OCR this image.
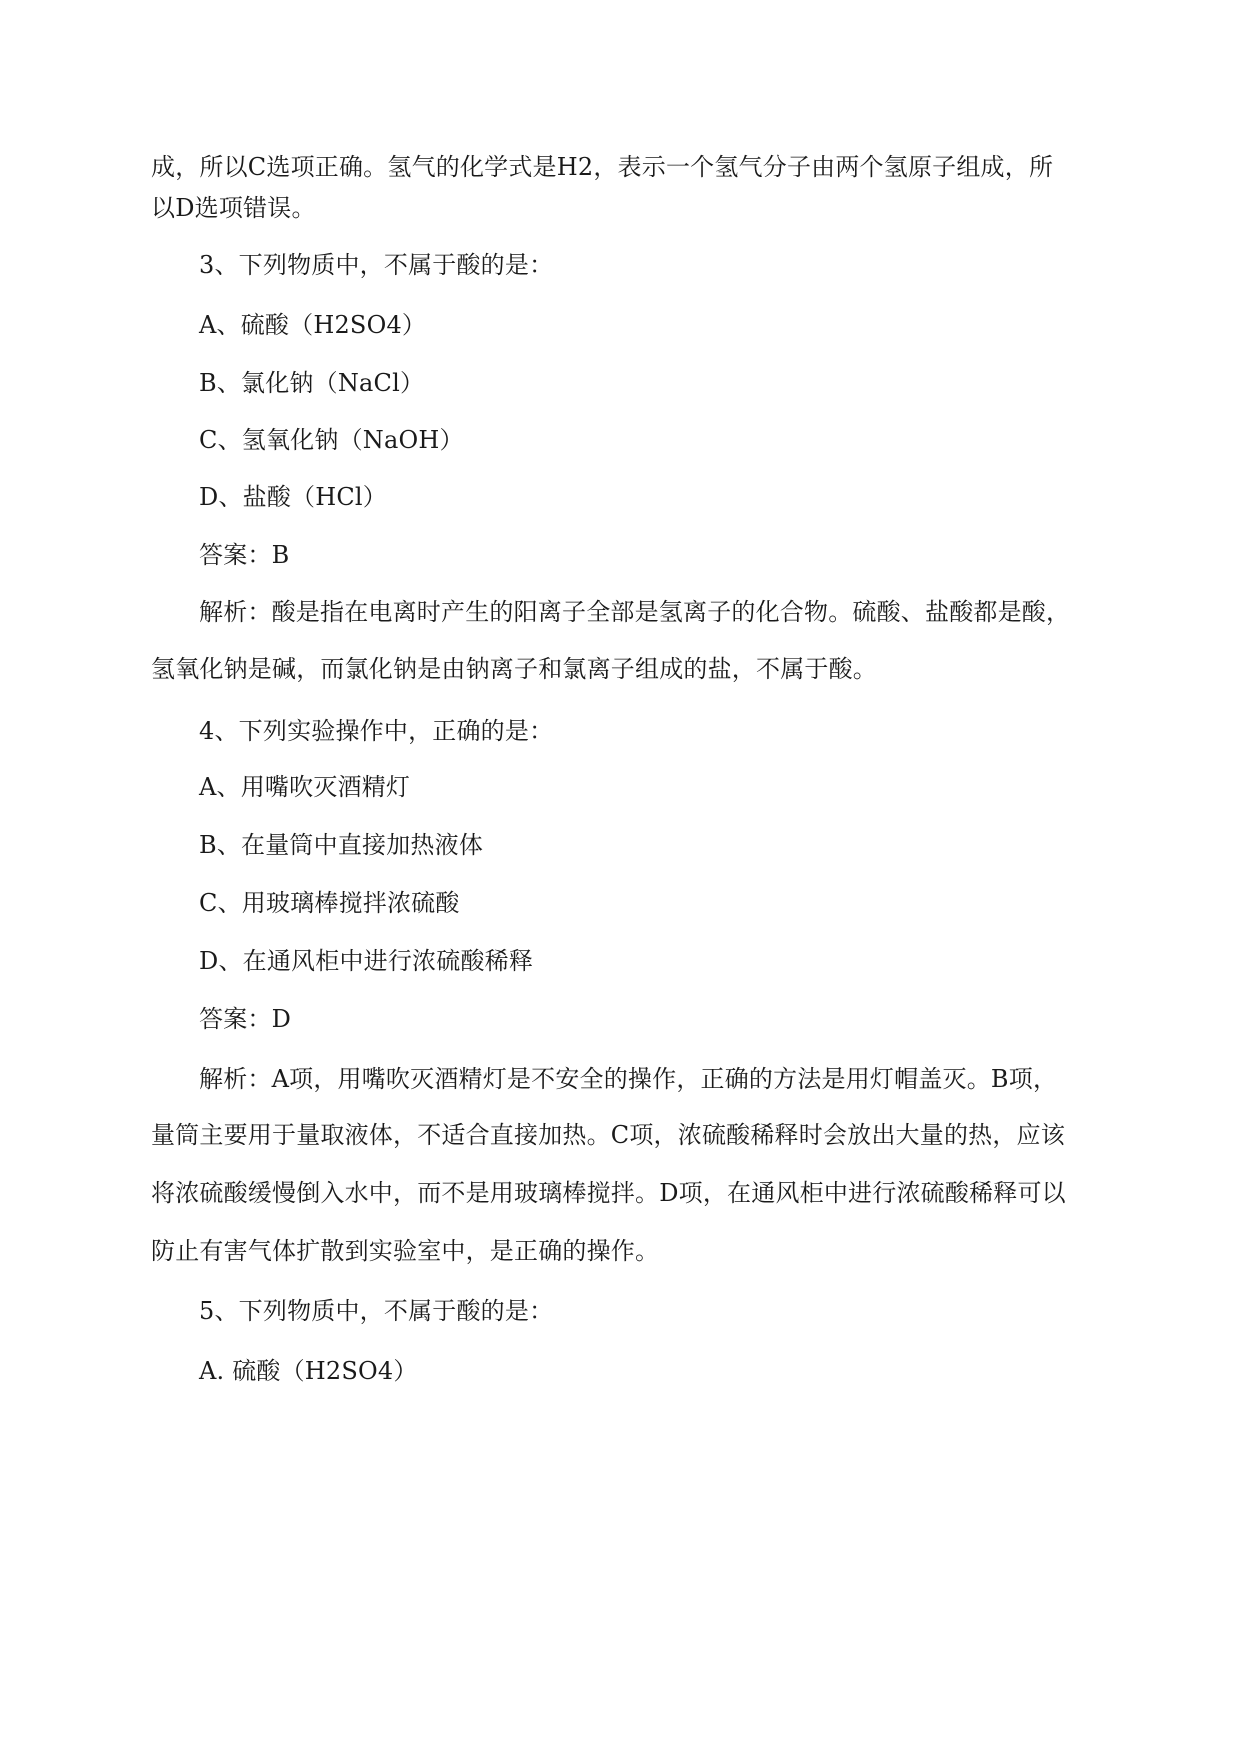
成，所以C选项正确。氢气的化学式是H2，表示一个氢气分子由两个氢原子组成，所
以D选项错误。
3、下列物质中，不属于酸的是：
A、硫酸（H2SO4）
B、氯化钠（NaCl）
C、氢氧化钠（NaOH）
D、盐酸（HCl）
答案：B
解析：酸是指在电离时产生的阳离子全部是氢离子的化合物。硫酸、盐酸都是酸，
氢氧化钠是碱，而氯化钠是由钠离子和氯离子组成的盐，不属于酸。
4、下列实验操作中，正确的是：
A、用嘴吹灭酒精灯
B、在量筒中直接加热液体
C、用玻璃棒搅拌浓硫酸
D、在通风柜中进行浓硫酸稀释
答案：D
解析：A项，用嘴吹灭酒精灯是不安全的操作，正确的方法是用灯帽盖灭。B项，
量筒主要用于量取液体，不适合直接加热。C项，浓硫酸稀释时会放出大量的热，应该
将浓硫酸缓慢倒入水中，而不是用玻璃棒搅拌。D项，在通风柜中进行浓硫酸稀释可以
防止有害气体扩散到实验室中，是正确的操作。
5、下列物质中，不属于酸的是：
A. 硫酸（H2SO4）
